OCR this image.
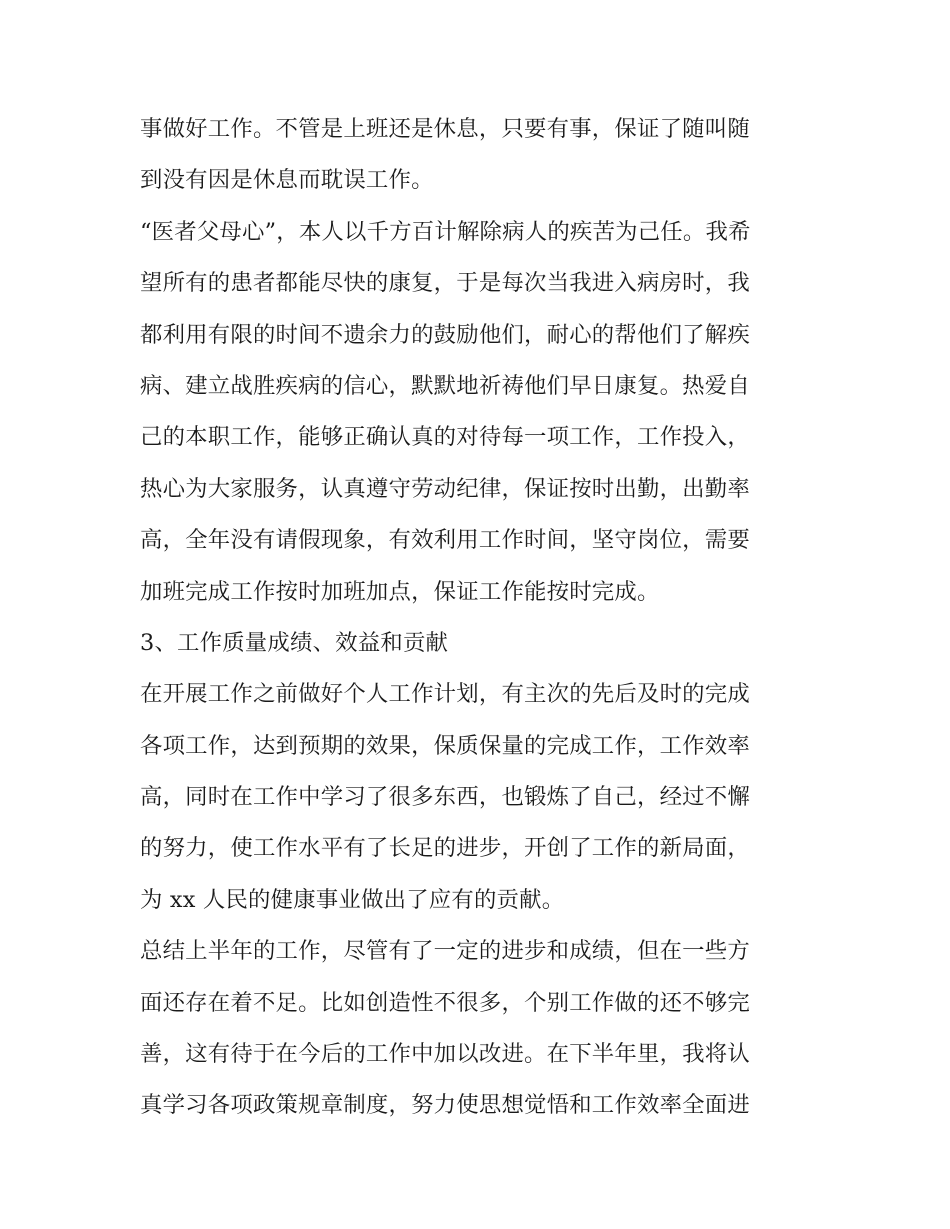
事做好工作。不管是上班还是休息，只要有事，保证了随叫随
到没有因是休息而耽误工作。
“医者父母心”，本人以千方百计解除病人的疾苦为己任。我希
望所有的患者都能尽快的康复，于是每次当我进入病房时，我
都利用有限的时间不遗余力的鼓励他们，耐心的帮他们了解疾
病、建立战胜疾病的信心，默默地祈祷他们早日康复。热爱自
己的本职工作，能够正确认真的对待每一项工作，工作投入，
热心为大家服务，认真遵守劳动纪律，保证按时出勤，出勤率
高，全年没有请假现象，有效利用工作时间，坚守岗位，需要
加班完成工作按时加班加点，保证工作能按时完成。
3、工作质量成绩、效益和贡献
在开展工作之前做好个人工作计划，有主次的先后及时的完成
各项工作，达到预期的效果，保质保量的完成工作，工作效率
高，同时在工作中学习了很多东西，也锻炼了自己，经过不懈
的努力，使工作水平有了长足的进步，开创了工作的新局面，
为 xx 人民的健康事业做出了应有的贡献。
总结上半年的工作，尽管有了一定的进步和成绩，但在一些方
面还存在着不足。比如创造性不很多，个别工作做的还不够完
善，这有待于在今后的工作中加以改进。在下半年里，我将认
真学习各项政策规章制度，努力使思想觉悟和工作效率全面进
